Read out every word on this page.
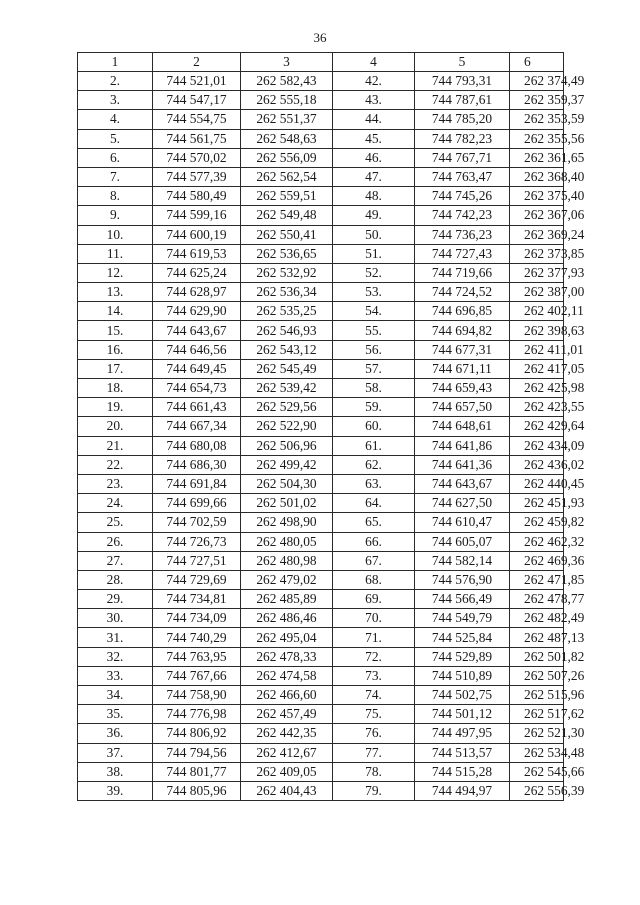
36
1	2	3	4	5	6
2.	744 521,01	262 582,43	42.	744 793,31	262 374,49
3.	744 547,17	262 555,18	43.	744 787,61	262 359,37
4.	744 554,75	262 551,37	44.	744 785,20	262 353,59
5.	744 561,75	262 548,63	45.	744 782,23	262 355,56
6.	744 570,02	262 556,09	46.	744 767,71	262 361,65
7.	744 577,39	262 562,54	47.	744 763,47	262 368,40
8.	744 580,49	262 559,51	48.	744 745,26	262 375,40
9.	744 599,16	262 549,48	49.	744 742,23	262 367,06
10.	744 600,19	262 550,41	50.	744 736,23	262 369,24
11.	744 619,53	262 536,65	51.	744 727,43	262 373,85
12.	744 625,24	262 532,92	52.	744 719,66	262 377,93
13.	744 628,97	262 536,34	53.	744 724,52	262 387,00
14.	744 629,90	262 535,25	54.	744 696,85	262 402,11
15.	744 643,67	262 546,93	55.	744 694,82	262 398,63
16.	744 646,56	262 543,12	56.	744 677,31	262 411,01
17.	744 649,45	262 545,49	57.	744 671,11	262 417,05
18.	744 654,73	262 539,42	58.	744 659,43	262 425,98
19.	744 661,43	262 529,56	59.	744 657,50	262 423,55
20.	744 667,34	262 522,90	60.	744 648,61	262 429,64
21.	744 680,08	262 506,96	61.	744 641,86	262 434,09
22.	744 686,30	262 499,42	62.	744 641,36	262 436,02
23.	744 691,84	262 504,30	63.	744 643,67	262 440,45
24.	744 699,66	262 501,02	64.	744 627,50	262 451,93
25.	744 702,59	262 498,90	65.	744 610,47	262 459,82
26.	744 726,73	262 480,05	66.	744 605,07	262 462,32
27.	744 727,51	262 480,98	67.	744 582,14	262 469,36
28.	744 729,69	262 479,02	68.	744 576,90	262 471,85
29.	744 734,81	262 485,89	69.	744 566,49	262 478,77
30.	744 734,09	262 486,46	70.	744 549,79	262 482,49
31.	744 740,29	262 495,04	71.	744 525,84	262 487,13
32.	744 763,95	262 478,33	72.	744 529,89	262 501,82
33.	744 767,66	262 474,58	73.	744 510,89	262 507,26
34.	744 758,90	262 466,60	74.	744 502,75	262 515,96
35.	744 776,98	262 457,49	75.	744 501,12	262 517,62
36.	744 806,92	262 442,35	76.	744 497,95	262 521,30
37.	744 794,56	262 412,67	77.	744 513,57	262 534,48
38.	744 801,77	262 409,05	78.	744 515,28	262 545,66
39.	744 805,96	262 404,43	79.	744 494,97	262 556,39
